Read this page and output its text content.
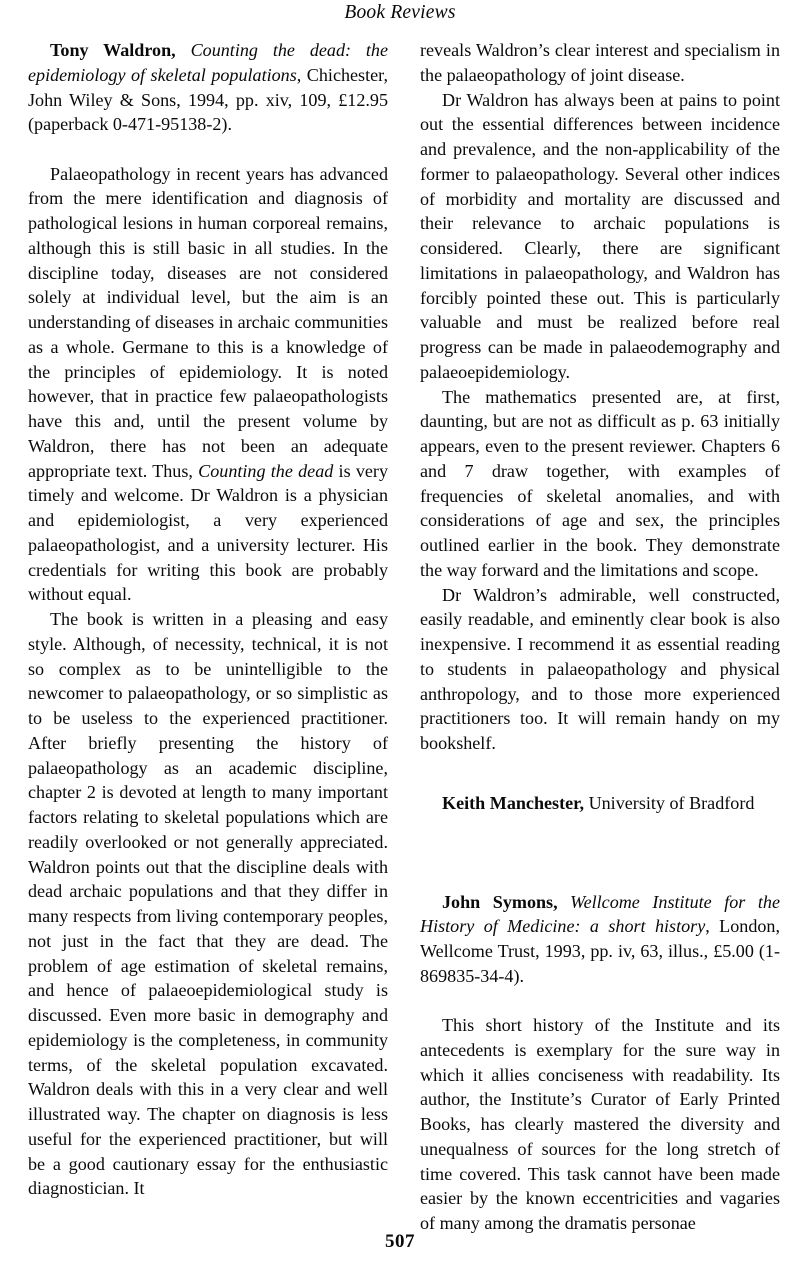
Book Reviews
Tony Waldron, Counting the dead: the epidemiology of skeletal populations, Chichester, John Wiley & Sons, 1994, pp. xiv, 109, £12.95 (paperback 0-471-95138-2).

Palaeopathology in recent years has advanced from the mere identification and diagnosis of pathological lesions in human corporeal remains, although this is still basic in all studies. In the discipline today, diseases are not considered solely at individual level, but the aim is an understanding of diseases in archaic communities as a whole. Germane to this is a knowledge of the principles of epidemiology. It is noted however, that in practice few palaeopathologists have this and, until the present volume by Waldron, there has not been an adequate appropriate text. Thus, Counting the dead is very timely and welcome. Dr Waldron is a physician and epidemiologist, a very experienced palaeopathologist, and a university lecturer. His credentials for writing this book are probably without equal.

The book is written in a pleasing and easy style. Although, of necessity, technical, it is not so complex as to be unintelligible to the newcomer to palaeopathology, or so simplistic as to be useless to the experienced practitioner. After briefly presenting the history of palaeopathology as an academic discipline, chapter 2 is devoted at length to many important factors relating to skeletal populations which are readily overlooked or not generally appreciated. Waldron points out that the discipline deals with dead archaic populations and that they differ in many respects from living contemporary peoples, not just in the fact that they are dead. The problem of age estimation of skeletal remains, and hence of palaeoepidemiological study is discussed. Even more basic in demography and epidemiology is the completeness, in community terms, of the skeletal population excavated. Waldron deals with this in a very clear and well illustrated way. The chapter on diagnosis is less useful for the experienced practitioner, but will be a good cautionary essay for the enthusiastic diagnostician. It

reveals Waldron’s clear interest and specialism in the palaeopathology of joint disease.

Dr Waldron has always been at pains to point out the essential differences between incidence and prevalence, and the non-applicability of the former to palaeopathology. Several other indices of morbidity and mortality are discussed and their relevance to archaic populations is considered. Clearly, there are significant limitations in palaeopathology, and Waldron has forcibly pointed these out. This is particularly valuable and must be realized before real progress can be made in palaeodemography and palaeoepidemiology.

The mathematics presented are, at first, daunting, but are not as difficult as p. 63 initially appears, even to the present reviewer. Chapters 6 and 7 draw together, with examples of frequencies of skeletal anomalies, and with considerations of age and sex, the principles outlined earlier in the book. They demonstrate the way forward and the limitations and scope.

Dr Waldron’s admirable, well constructed, easily readable, and eminently clear book is also inexpensive. I recommend it as essential reading to students in palaeopathology and physical anthropology, and to those more experienced practitioners too. It will remain handy on my bookshelf.

Keith Manchester, University of Bradford
John Symons, Wellcome Institute for the History of Medicine: a short history, London, Wellcome Trust, 1993, pp. iv, 63, illus., £5.00 (1-869835-34-4).

This short history of the Institute and its antecedents is exemplary for the sure way in which it allies conciseness with readability. Its author, the Institute’s Curator of Early Printed Books, has clearly mastered the diversity and unequalness of sources for the long stretch of time covered. This task cannot have been made easier by the known eccentricities and vagaries of many among the dramatis personae

507
